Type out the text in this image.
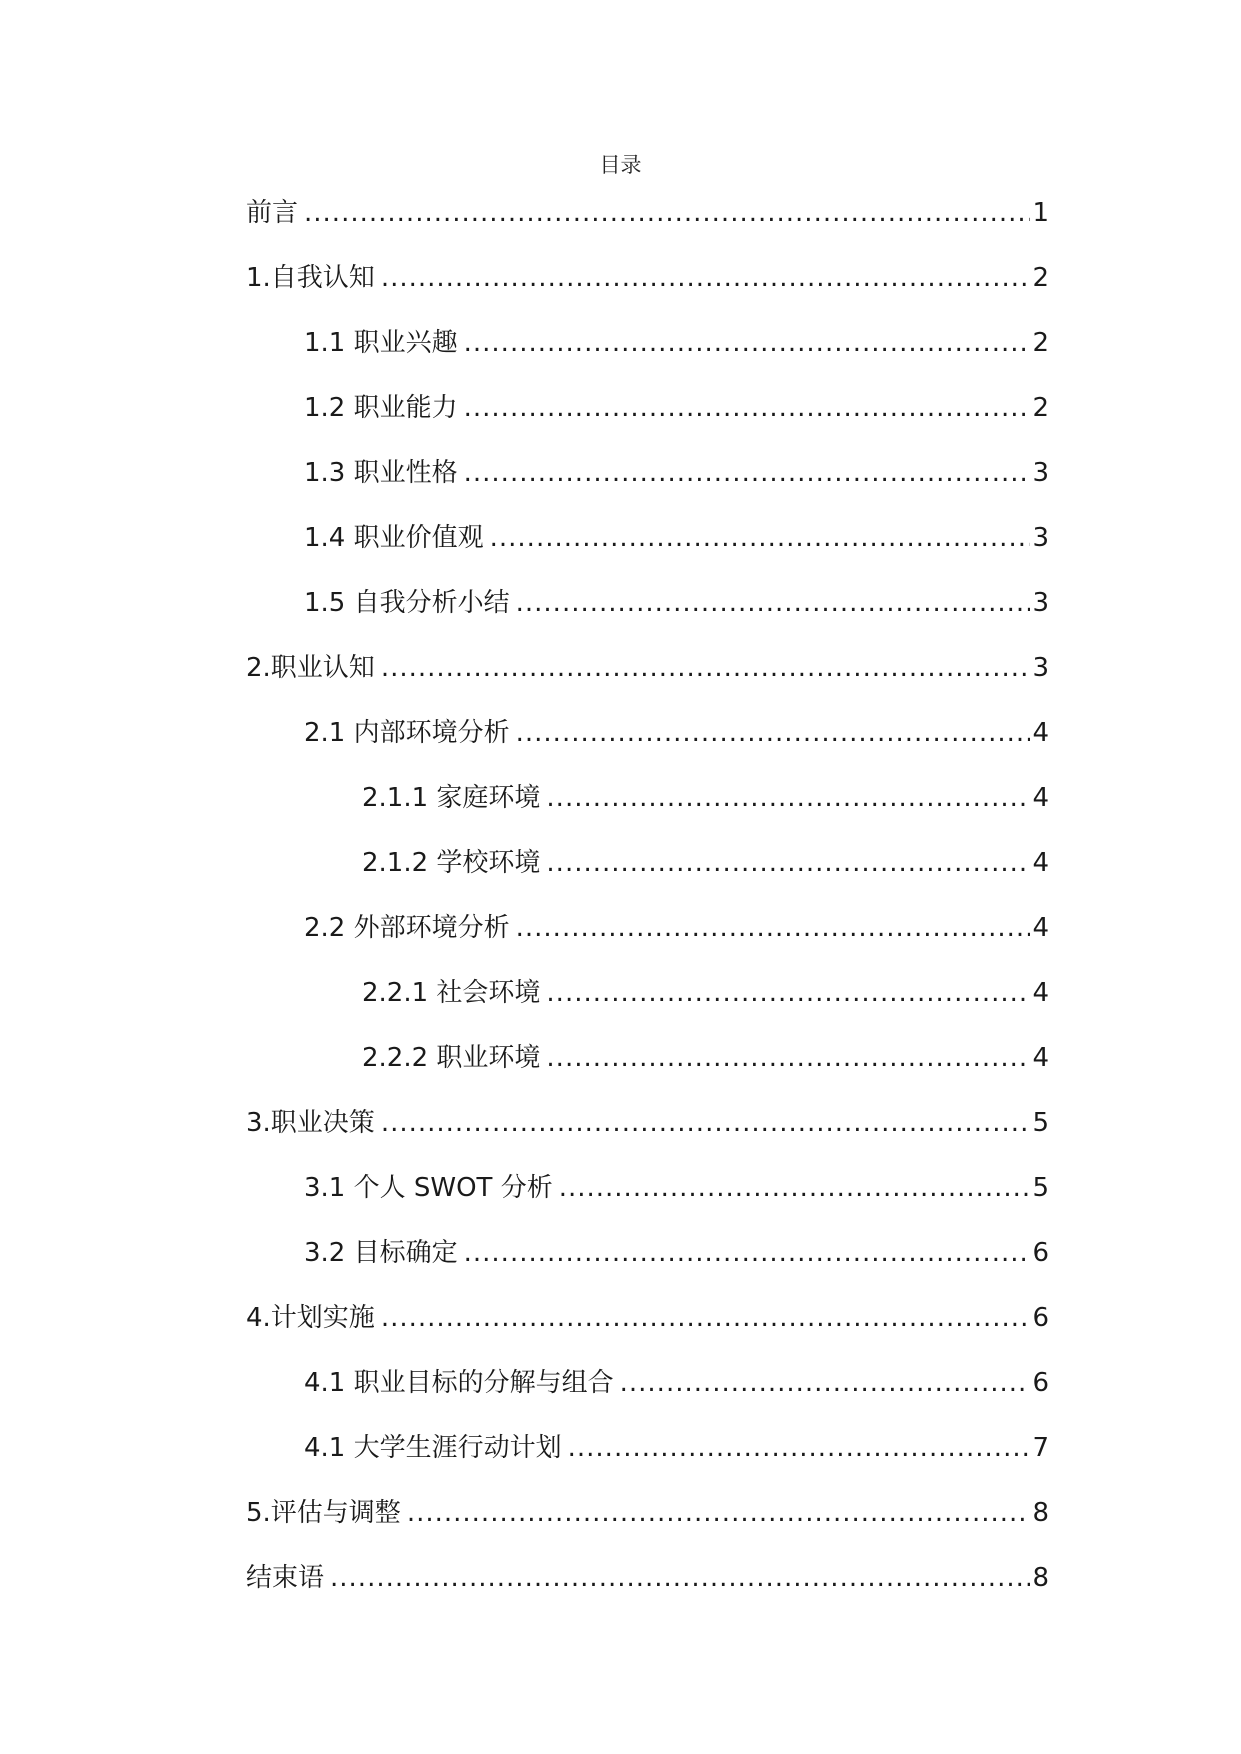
目录
前言 .....	1
1.自我认知 .....	2
1.1 职业兴趣 .....	2
1.2 职业能力 .....	2
1.3 职业性格 .....	3
1.4 职业价值观 .....	3
1.5 自我分析小结 .....	3
2.职业认知 .....	3
2.1 内部环境分析 .....	4
2.1.1 家庭环境 .....	4
2.1.2 学校环境 .....	4
2.2 外部环境分析 .....	4
2.2.1 社会环境 .....	4
2.2.2 职业环境 .....	4
3.职业决策 .....	5
3.1 个人 SWOT 分析 .....	5
3.2 目标确定 .....	6
4.计划实施 .....	6
4.1 职业目标的分解与组合 .....	6
4.1 大学生涯行动计划 .....	7
5.评估与调整 .....	8
结束语 .....	8
